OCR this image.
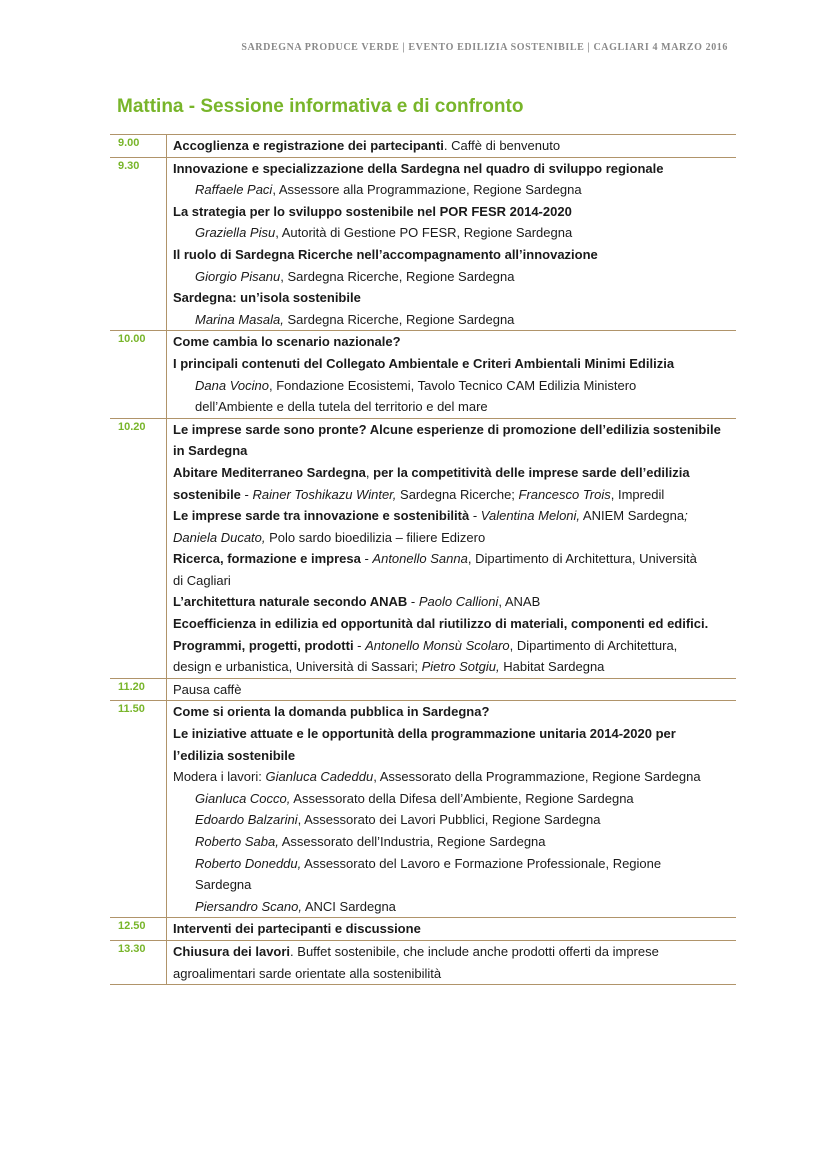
SARDEGNA PRODUCE VERDE | EVENTO EDILIZIA SOSTENIBILE | CAGLIARI 4 MARZO 2016
Mattina - Sessione informativa e di confronto
9.00	Accoglienza e registrazione dei partecipanti. Caffè di benvenuto
9.30	Innovazione e specializzazione della Sardegna nel quadro di sviluppo regionale
Raffaele Paci, Assessore alla Programmazione, Regione Sardegna
La strategia per lo sviluppo sostenibile nel POR FESR 2014-2020
Graziella Pisu, Autorità di Gestione PO FESR, Regione Sardegna
Il ruolo di Sardegna Ricerche nell’accompagnamento all’innovazione
Giorgio Pisanu, Sardegna Ricerche, Regione Sardegna
Sardegna: un’isola sostenibile
Marina Masala, Sardegna Ricerche, Regione Sardegna
10.00	Come cambia lo scenario nazionale?
I principali contenuti del Collegato Ambientale e Criteri Ambientali Minimi Edilizia
Dana Vocino, Fondazione Ecosistemi, Tavolo Tecnico CAM Edilizia Ministero
dell’Ambiente e della tutela del territorio e del mare
10.20	Le imprese sarde sono pronte? Alcune esperienze di promozione dell’edilizia sostenibile
in Sardegna
Abitare Mediterraneo Sardegna, per la competitività delle imprese sarde dell’edilizia
sostenibile - Rainer Toshikazu Winter, Sardegna Ricerche; Francesco Trois, Impredil
Le imprese sarde tra innovazione e sostenibilità - Valentina Meloni, ANIEM Sardegna;
Daniela Ducato, Polo sardo bioedilizia – filiere Edizero
Ricerca, formazione e impresa - Antonello Sanna, Dipartimento di Architettura, Università
di Cagliari
L’architettura naturale secondo ANAB - Paolo Callioni, ANAB
Ecoefficienza in edilizia ed opportunità dal riutilizzo di materiali, componenti ed edifici.
Programmi, progetti, prodotti - Antonello Monsù Scolaro, Dipartimento di Architettura,
design e urbanistica, Università di Sassari; Pietro Sotgiu, Habitat Sardegna
11.20	Pausa caffè
11.50	Come si orienta la domanda pubblica in Sardegna?
Le iniziative attuate e le opportunità della programmazione unitaria 2014-2020 per
l’edilizia sostenibile
Modera i lavori: Gianluca Cadeddu, Assessorato della Programmazione, Regione Sardegna
Gianluca Cocco, Assessorato della Difesa dell’Ambiente, Regione Sardegna
Edoardo Balzarini, Assessorato dei Lavori Pubblici, Regione Sardegna
Roberto Saba, Assessorato dell’Industria, Regione Sardegna
Roberto Doneddu, Assessorato del Lavoro e Formazione Professionale, Regione
Sardegna
Piersandro Scano, ANCI Sardegna
12.50	Interventi dei partecipanti e discussione
13.30	Chiusura dei lavori. Buffet sostenibile, che include anche prodotti offerti da imprese
agroalimentari sarde orientate alla sostenibilità
